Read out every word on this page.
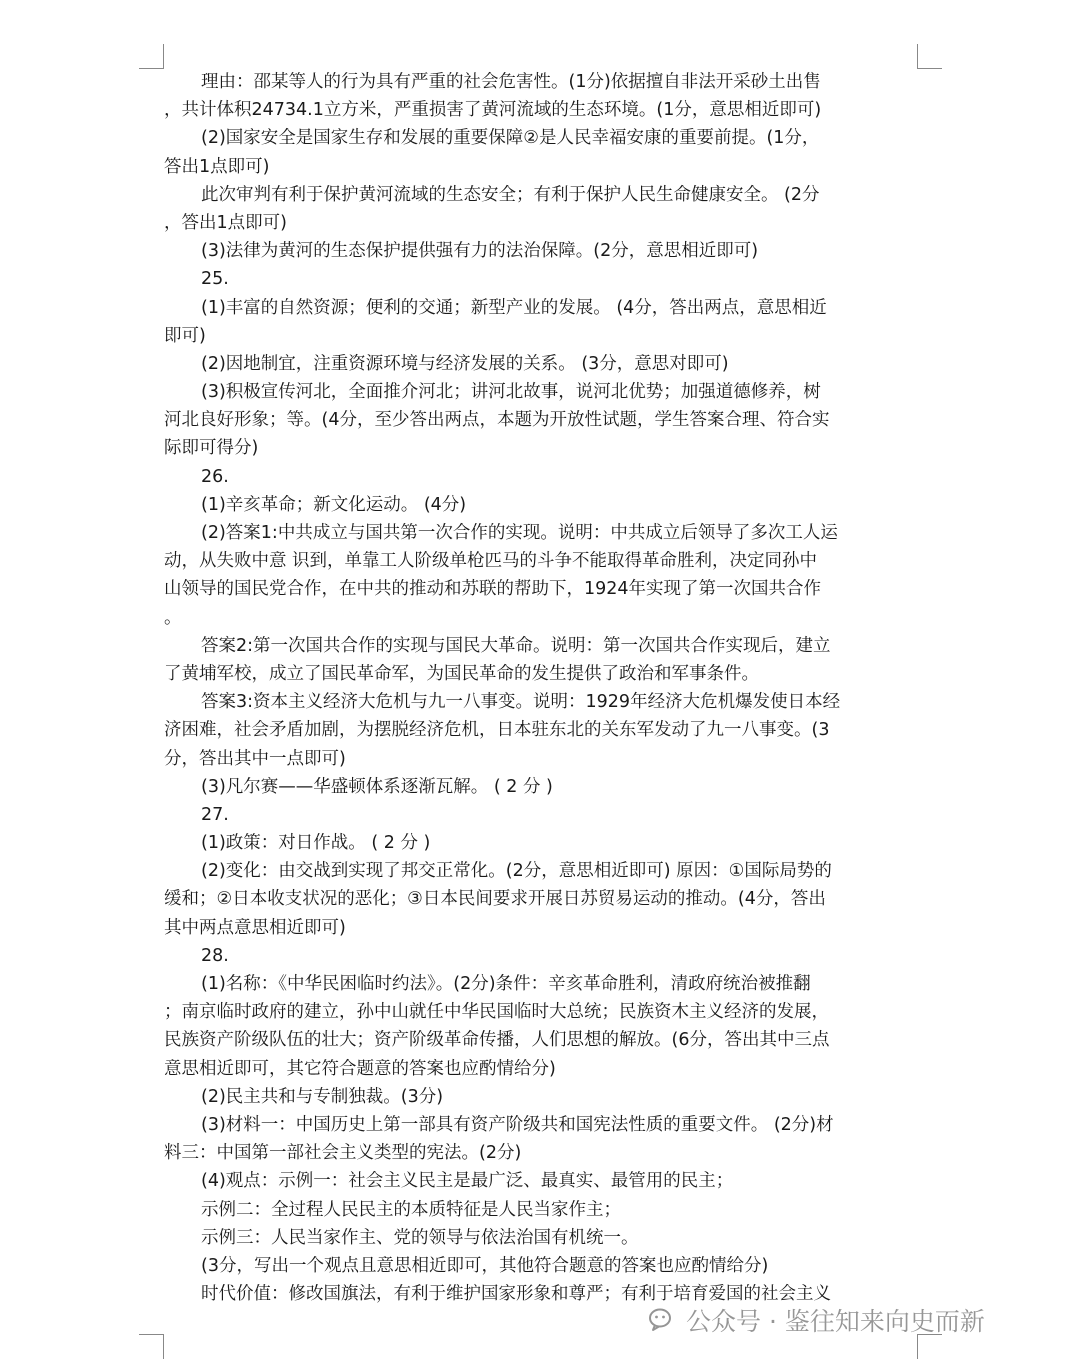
理由：邵某等人的行为具有严重的社会危害性。(1分)依据擅自非法开采砂土出售
，共计体积24734.1立方米，严重损害了黄河流域的生态环境。(1分，意思相近即可)
(2)国家安全是国家生存和发展的重要保障②是人民幸福安康的重要前提。(1分，
答出1点即可)
此次审判有利于保护黄河流域的生态安全；有利于保护人民生命健康安全。 (2分
，答出1点即可)
(3)法律为黄河的生态保护提供强有力的法治保障。(2分，意思相近即可)
25.
(1)丰富的自然资源；便利的交通；新型产业的发展。 (4分，答出两点，意思相近
即可)
(2)因地制宜，注重资源环境与经济发展的关系。 (3分，意思对即可)
(3)积极宣传河北，全面推介河北；讲河北故事，说河北优势；加强道德修养，树
河北良好形象；等。(4分，至少答出两点，本题为开放性试题，学生答案合理、符合实
际即可得分)
26.
(1)辛亥革命；新文化运动。 (4分)
(2)答案1:中共成立与国共第一次合作的实现。说明：中共成立后领导了多次工人运
动，从失败中意 识到，单靠工人阶级单枪匹马的斗争不能取得革命胜利，决定同孙中
山领导的国民党合作，在中共的推动和苏联的帮助下，1924年实现了第一次国共合作
。
答案2:第一次国共合作的实现与国民大革命。说明：第一次国共合作实现后，建立
了黄埔军校，成立了国民革命军，为国民革命的发生提供了政治和军事条件。
答案3:资本主义经济大危机与九一八事变。说明：1929年经济大危机爆发使日本经
济困难，社会矛盾加剧，为摆脱经济危机，日本驻东北的关东军发动了九一八事变。(3
分，答出其中一点即可)
(3)凡尔赛——华盛顿体系逐渐瓦解。 ( 2 分 )
27.
(1)政策：对日作战。 ( 2 分 )
(2)变化：由交战到实现了邦交正常化。(2分，意思相近即可) 原因：①国际局势的
缓和；②日本收支状况的恶化；③日本民间要求开展日苏贸易运动的推动。(4分，答出
其中两点意思相近即可)
28.
(1)名称：《中华民困临时约法》。(2分)条件：辛亥革命胜利，清政府统治被推翻
；南京临时政府的建立，孙中山就任中华民国临时大总统；民族资木主义经济的发展，
民族资产阶级队伍的壮大；资产阶级革命传播，人们思想的解放。(6分，答出其中三点
意思相近即可，其它符合题意的答案也应酌情给分)
(2)民主共和与专制独裁。(3分)
(3)材料一：中国历史上第一部具有资产阶级共和国宪法性质的重要文件。 (2分)材
料三：中国第一部社会主义类型的宪法。(2分)
(4)观点：示例一：社会主义民主是最广泛、最真实、最管用的民主；
示例二：全过程人民民主的本质特征是人民当家作主；
示例三：人民当家作主、党的领导与依法治国有机统一。
(3分，写出一个观点且意思相近即可，其他符合题意的答案也应酌情给分)
时代价值：修改国旗法，有利于维护国家形象和尊严；有利于培育爱国的社会主义
公众号 · 鉴往知来向史而新
